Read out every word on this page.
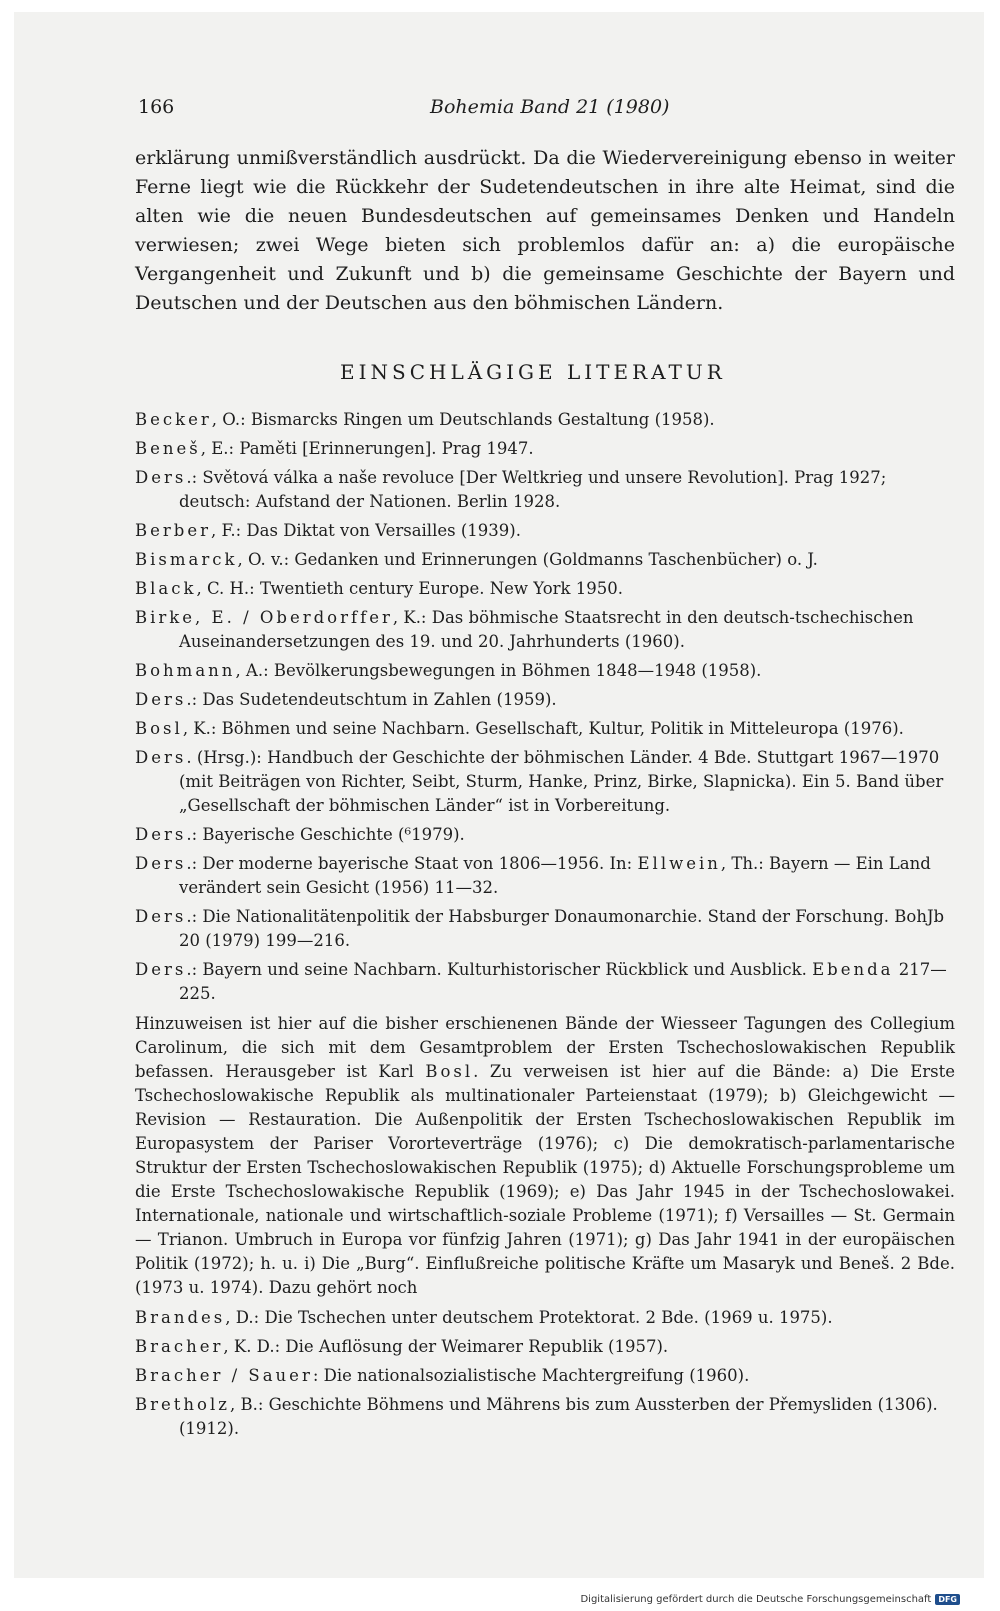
166	Bohemia Band 21 (1980)

erklärung unmißverständlich ausdrückt. Da die Wiedervereinigung ebenso in weiter Ferne liegt wie die Rückkehr der Sudetendeutschen in ihre alte Heimat, sind die alten wie die neuen Bundesdeutschen auf gemeinsames Denken und Handeln verwiesen; zwei Wege bieten sich problemlos dafür an: a) die europäische Vergangenheit und Zukunft und b) die gemeinsame Geschichte der Bayern und Deutschen und der Deutschen aus den böhmischen Ländern.

EINSCHLÄGIGE LITERATUR

Becker, O.: Bismarcks Ringen um Deutschlands Gestaltung (1958).

Beneš, E.: Paměti [Erinnerungen]. Prag 1947.

Ders.: Světová válka a naše revoluce [Der Weltkrieg und unsere Revolution]. Prag 1927; deutsch: Aufstand der Nationen. Berlin 1928.

Berber, F.: Das Diktat von Versailles (1939).

Bismarck, O. v.: Gedanken und Erinnerungen (Goldmanns Taschenbücher) o. J.

Black, C. H.: Twentieth century Europe. New York 1950.

Birke, E. / Oberdorffer, K.: Das böhmische Staatsrecht in den deutsch-tschechischen Auseinandersetzungen des 19. und 20. Jahrhunderts (1960).

Bohmann, A.: Bevölkerungsbewegungen in Böhmen 1848—1948 (1958).

Ders.: Das Sudetendeutschtum in Zahlen (1959).

Bosl, K.: Böhmen und seine Nachbarn. Gesellschaft, Kultur, Politik in Mitteleuropa (1976).

Ders. (Hrsg.): Handbuch der Geschichte der böhmischen Länder. 4 Bde. Stuttgart 1967—1970 (mit Beiträgen von Richter, Seibt, Sturm, Hanke, Prinz, Birke, Slapnicka). Ein 5. Band über „Gesellschaft der böhmischen Länder“ ist in Vorbereitung.

Ders.: Bayerische Geschichte (⁶1979).

Ders.: Der moderne bayerische Staat von 1806—1956. In: Ellwein, Th.: Bayern — Ein Land verändert sein Gesicht (1956) 11—32.

Ders.: Die Nationalitätenpolitik der Habsburger Donaumonarchie. Stand der Forschung. BohJb 20 (1979) 199—216.

Ders.: Bayern und seine Nachbarn. Kulturhistorischer Rückblick und Ausblick. Ebenda 217—225.

Hinzuweisen ist hier auf die bisher erschienenen Bände der Wiesseer Tagungen des Collegium Carolinum, die sich mit dem Gesamtproblem der Ersten Tschechoslowakischen Republik befassen. Herausgeber ist Karl Bosl. Zu verweisen ist hier auf die Bände: a) Die Erste Tschechoslowakische Republik als multinationaler Parteienstaat (1979); b) Gleichgewicht — Revision — Restauration. Die Außenpolitik der Ersten Tschechoslowakischen Republik im Europasystem der Pariser Vororteverträge (1976); c) Die demokratisch-parlamentarische Struktur der Ersten Tschechoslowakischen Republik (1975); d) Aktuelle Forschungsprobleme um die Erste Tschechoslowakische Republik (1969); e) Das Jahr 1945 in der Tschechoslowakei. Internationale, nationale und wirtschaftlich-soziale Probleme (1971); f) Versailles — St. Germain — Trianon. Umbruch in Europa vor fünfzig Jahren (1971); g) Das Jahr 1941 in der europäischen Politik (1972); h. u. i) Die „Burg“. Einflußreiche politische Kräfte um Masaryk und Beneš. 2 Bde. (1973 u. 1974). Dazu gehört noch

Brandes, D.: Die Tschechen unter deutschem Protektorat. 2 Bde. (1969 u. 1975).

Bracher, K. D.: Die Auflösung der Weimarer Republik (1957).

Bracher / Sauer: Die nationalsozialistische Machtergreifung (1960).

Bretholz, B.: Geschichte Böhmens und Mährens bis zum Aussterben der Přemysliden (1306). (1912).

Digitalisierung gefördert durch die Deutsche Forschungsgemeinschaft DFG
